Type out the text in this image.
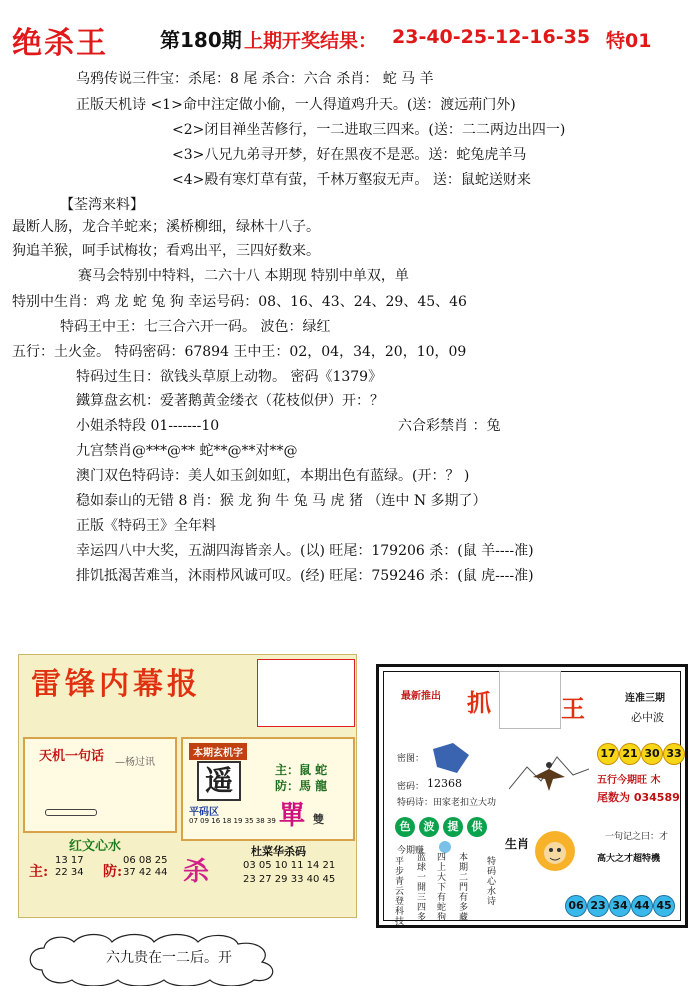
绝杀王	第180期 上期开奖结果： 23-40-25-12-16-35 特01
乌鸦传说三件宝：杀尾：8 尾 杀合：六合 杀肖： 蛇 马 羊
正版天机诗 <1>命中注定做小偷，一人得道鸡升天。(送：渡远荊门外)
<2>闭目禅坐苦修行，一二进取三四来。(送：二二两边出四一)
<3>八兄九弟寻开梦，好在黑夜不是恶。送：蛇兔虎羊马
<4>殿有寒灯草有萤，千林万壑寂无声。 送：鼠蛇送财来
【荃湾来料】
最断人肠，龙合羊蛇来；溪桥柳细，绿林十八子。
狗追羊猴，呵手试梅妆；看鸡出平，三四好数来。
赛马会特别中特料，二六十八 本期现 特别中单双，单
特别中生肖：鸡 龙 蛇 兔 狗 幸运号码：08、16、43、24、29、45、46
特码王中王：七三合六开一码。 波色：绿红
五行：土火金。 特码密码：67894 王中王：02，04，34，20，10，09
特码过生日：欲钱头草原上动物。 密码《1379》
鐵算盘玄机：爱著鹅黄金缕衣（花枝似伊）开：？
小姐杀特段 01-------10	六合彩禁肖 ：兔
九宫禁肖@***@** 蛇**@**对**@
澳门双色特码诗：美人如玉剑如虹，本期出色有蓝绿。(开：？ )
稳如泰山的无错 8 肖：猴 龙 狗 牛 兔 马 虎 猪 （连中 N 多期了）
正版《特码王》全年料
幸运四八中大奖，五湖四海皆亲人。(以) 旺尾：179206 杀：(鼠 羊----准)
排饥抵渴苦难当，沐雨栉风诚可叹。(经) 旺尾：759246 杀：(鼠 虎----准)
雷锋内幕报
天机一句话 —杨过讯
红文心水
主:
13 17 22 34	防:
06 08 25 37 42 44
本期玄机字
遥	主：鼠 蛇
防：馬 龍
單 雙
平码区
07 09 16 18 19 35 38 39
杀
杜菜华杀码
03 05 10 11 14 21 23 27 29 33 40 45
最新推出 抓	王	连准三期
必中波
17 21 30 33
五行今期旺 木
尾数为 034589
密图：
密码： 12368
特码诗：田家老扣立大功
色	波	提	供
今期赚	生肖
平步青云登科技
蓝球一開三四多
四上大下有蛇狗
本期二門有多藏
特码心水诗
一句记之曰：才
高大之才超特機
06 23 34 44 45
六九贵在一二后。开
